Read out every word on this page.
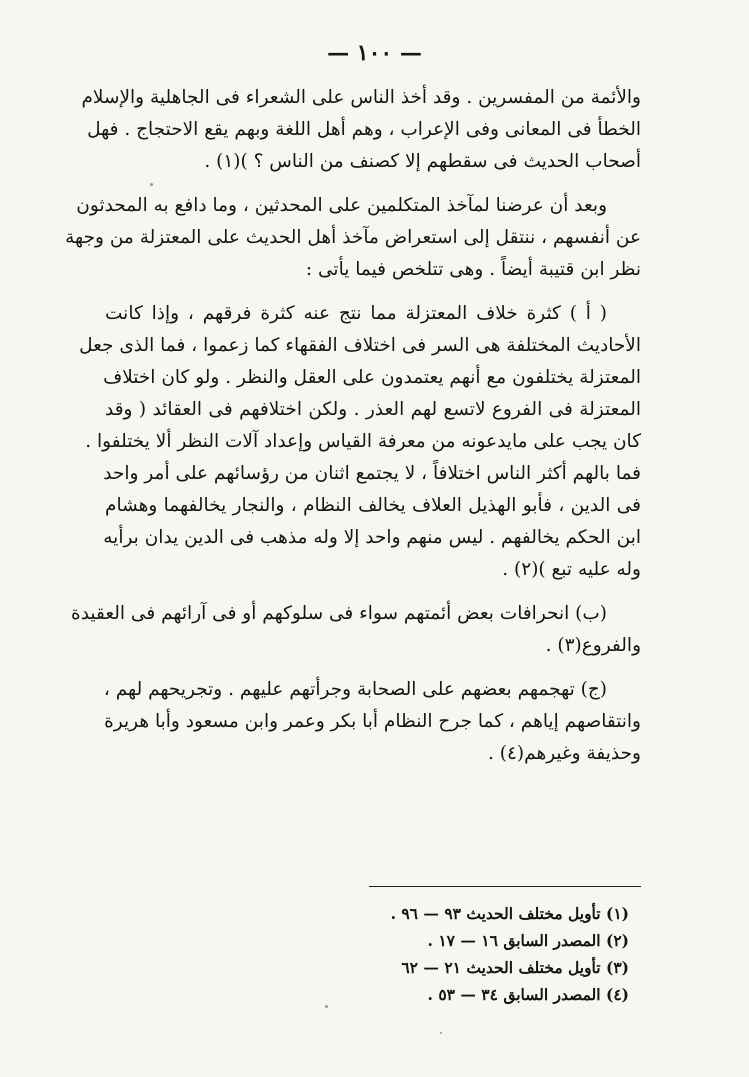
— ١٠٠ —
والأئمة من المفسرين . وقد أخذ الناس على الشعراء فى الجاهلية والإسلام
الخطأ فى المعانى وفى الإعراب ، وهم أهل اللغة وبهم يقع الاحتجاج . فهل
أصحاب الحديث فى سقطهم إلا كصنف من الناس ؟ )(١) .
وبعد أن عرضنا لمآخذ المتكلمين على المحدثين ، وما دافع به المحدثون
عن أنفسهم ، ننتقل إلى استعراض مآخذ أهل الحديث على المعتزلة من وجهة
نظر ابن قتيبة أيضاً . وهى تتلخص فيما يأتى :
( أ ) كثرة خلاف المعتزلة مما نتج عنه كثرة فرقهم ، وإذا كانت
الأحاديث المختلفة هى السر فى اختلاف الفقهاء كما زعموا ، فما الذى جعل
المعتزلة يختلفون مع أنهم يعتمدون على العقل والنظر . ولو كان اختلاف
المعتزلة فى الفروع لاتسع لهم العذر . ولكن اختلافهم فى العقائد ( وقد
كان يجب على مايدعونه من معرفة القياس وإعداد آلات النظر ألا يختلفوا .
فما بالهم أكثر الناس اختلافاً ، لا يجتمع اثنان من رؤسائهم على أمر واحد
فى الدين ، فأبو الهذيل العلاف يخالف النظام ، والنجار يخالفهما وهشام
ابن الحكم يخالفهم . ليس منهم واحد إلا وله مذهب فى الدين يدان برأيه
وله عليه تبع )(٢) .
(ب) انحرافات بعض أئمتهم سواء فى سلوكهم أو فى آرائهم فى العقيدة
والفروع(٣) .
(ج) تهجمهم بعضهم على الصحابة وجرأتهم عليهم . وتجريحهم لهم ،
وانتقاصهم إياهم ، كما جرح النظام أبا بكر وعمر وابن مسعود وأبا هريرة
وحذيفة وغيرهم(٤) .
(١) تأويل مختلف الحديث ٩٣ — ٩٦ .
(٢) المصدر السابق ١٦ — ١٧ .
(٣) تأويل مختلف الحديث ٢١ — ٦٢
(٤) المصدر السابق ٣٤ — ٥٣ .
